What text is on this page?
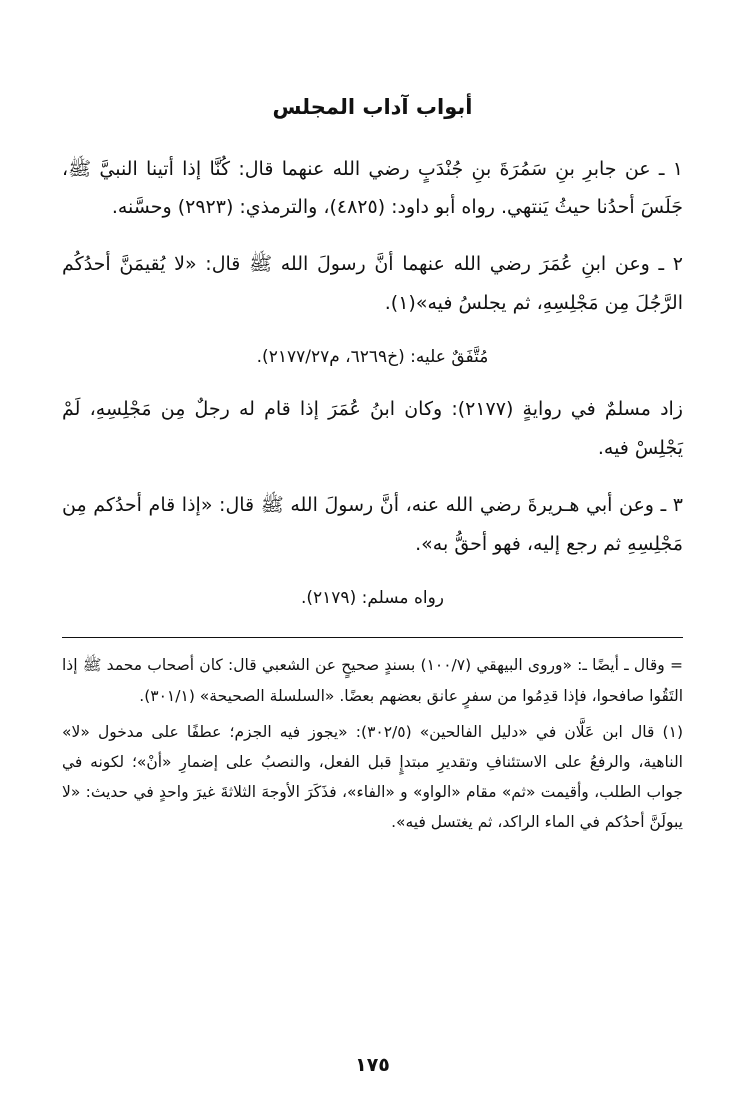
أبواب آداب المجلس

١ ـ عن جابرِ بنِ سَمُرَةَ بنِ جُنْدَبٍ رضي الله عنهما قال: كُنَّا إذا أتينا النبيَّ ﷺ، جَلَسَ أحدُنا حيثُ يَنتهي. رواه أبو داود: (٤٨٢٥)، والترمذي: (٢٩٢٣) وحسَّنه.

٢ ـ وعن ابنِ عُمَرَ رضي الله عنهما أنَّ رسولَ الله ﷺ قال: «لا يُقيمَنَّ أحدُكُم الرَّجُلَ مِن مَجْلِسِهِ، ثم يجلسُ فيه»(١).

مُتَّفَقٌ عليه: (خ٦٢٦٩، م٢١٧٧/٢٧).

زاد مسلمٌ في روايةٍ (٢١٧٧): وكان ابنُ عُمَرَ إذا قام له رجلٌ مِن مَجْلِسِهِ، لَمْ يَجْلِسْ فيه.

٣ ـ وعن أبي هـريرةَ رضي الله عنه، أنَّ رسولَ الله ﷺ قال: «إذا قام أحدُكم مِن مَجْلِسِهِ ثم رجع إليه، فهو أحقُّ به».

رواه مسلم: (٢١٧٩).

= وقال ـ أيضًا ـ: «وروى البيهقي (١٠٠/٧) بسندٍ صحيحٍ عن الشعبي قال: كان أصحاب محمد ﷺ إذا التَقُوا صافحوا، فإذا قدِمُوا من سفرٍ عانق بعضهم بعضًا. «السلسلة الصحيحة» (٣٠١/١).

(١) قال ابن عَلَّان في «دليل الفالحين» (٣٠٢/٥): «يجوز فيه الجزم؛ عطفًا على مدخول «لا» الناهية، والرفعُ على الاستئنافِ وتقديرِ مبتدإٍ قبل الفعل، والنصبُ على إضمارِ «أنْ»؛ لكونه في جواب الطلب، وأقيمت «ثم» مقام «الواو» و «الفاء»، فذَكَرَ الأوجهَ الثلاثةَ غيرَ واحدٍ في حديث: «لا يبولَنَّ أحدُكم في الماء الراكد، ثم يغتسل فيه».

١٧٥
